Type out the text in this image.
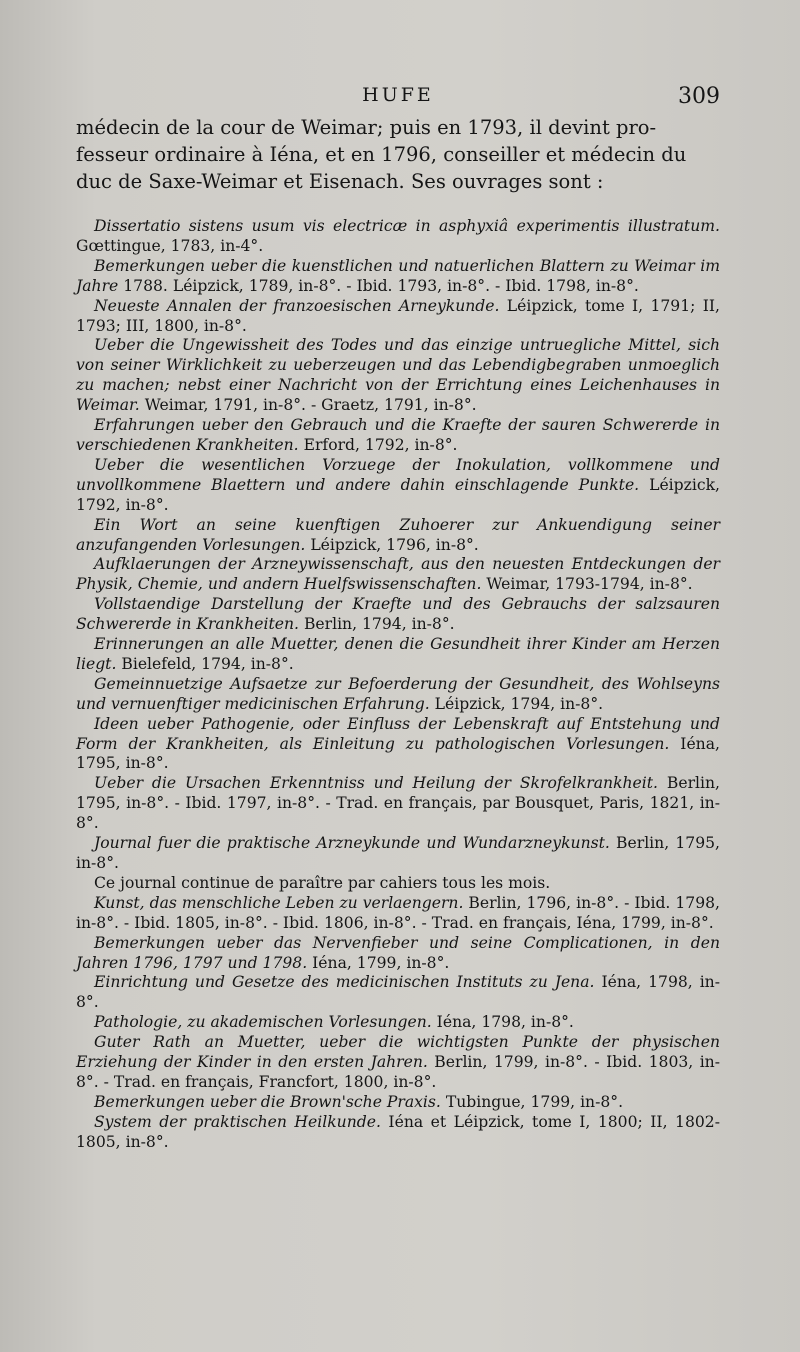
HUFE	309

médecin de la cour de Weimar; puis en 1793, il devint pro-
fesseur ordinaire à Iéna, et en 1796, conseiller et médecin du
duc de Saxe-Weimar et Eisenach. Ses ouvrages sont :

Dissertatio sistens usum vis electricæ in asphyxiâ experimentis illustratum. Gœttingue, 1783, in-4°.
Bemerkungen ueber die kuenstlichen und natuerlichen Blattern zu Weimar im Jahre 1788. Léipzick, 1789, in-8°. - Ibid. 1793, in-8°. - Ibid. 1798, in-8°.
Neueste Annalen der franzoesischen Arneykunde. Léipzick, tome I, 1791; II, 1793; III, 1800, in-8°.
Ueber die Ungewissheit des Todes und das einzige untruegliche Mittel, sich von seiner Wirklichkeit zu ueberzeugen und das Lebendigbegraben unmoeglich zu machen; nebst einer Nachricht von der Errichtung eines Leichenhauses in Weimar. Weimar, 1791, in-8°. - Graetz, 1791, in-8°.
Erfahrungen ueber den Gebrauch und die Kraefte der sauren Schwererde in verschiedenen Krankheiten. Erford, 1792, in-8°.
Ueber die wesentlichen Vorzuege der Inokulation, vollkommene und unvollkommene Blaettern und andere dahin einschlagende Punkte. Léipzick, 1792, in-8°.
Ein Wort an seine kuenftigen Zuhoerer zur Ankuendigung seiner anzufangenden Vorlesungen. Léipzick, 1796, in-8°.
Aufklaerungen der Arzneywissenschaft, aus den neuesten Entdeckungen der Physik, Chemie, und andern Huelfswissenschaften. Weimar, 1793-1794, in-8°.
Vollstaendige Darstellung der Kraefte und des Gebrauchs der salzsauren Schwererde in Krankheiten. Berlin, 1794, in-8°.
Erinnerungen an alle Muetter, denen die Gesundheit ihrer Kinder am Herzen liegt. Bielefeld, 1794, in-8°.
Gemeinnuetzige Aufsaetze zur Befoerderung der Gesundheit, des Wohlseyns und vernuenftiger medicinischen Erfahrung. Léipzick, 1794, in-8°.
Ideen ueber Pathogenie, oder Einfluss der Lebenskraft auf Entstehung und Form der Krankheiten, als Einleitung zu pathologischen Vorlesungen. Iéna, 1795, in-8°.
Ueber die Ursachen Erkenntniss und Heilung der Skrofelkrankheit. Berlin, 1795, in-8°. - Ibid. 1797, in-8°. - Trad. en français, par Bousquet, Paris, 1821, in-8°.
Journal fuer die praktische Arzneykunde und Wundarzneykunst. Berlin, 1795, in-8°.
Ce journal continue de paraître par cahiers tous les mois.
Kunst, das menschliche Leben zu verlaengern. Berlin, 1796, in-8°. - Ibid. 1798, in-8°. - Ibid. 1805, in-8°. - Ibid. 1806, in-8°. - Trad. en français, Iéna, 1799, in-8°.
Bemerkungen ueber das Nervenfieber und seine Complicationen, in den Jahren 1796, 1797 und 1798. Iéna, 1799, in-8°.
Einrichtung und Gesetze des medicinischen Instituts zu Jena. Iéna, 1798, in-8°.
Pathologie, zu akademischen Vorlesungen. Iéna, 1798, in-8°.
Guter Rath an Muetter, ueber die wichtigsten Punkte der physischen Erziehung der Kinder in den ersten Jahren. Berlin, 1799, in-8°. - Ibid. 1803, in-8°. - Trad. en français, Francfort, 1800, in-8°.
Bemerkungen ueber die Brown'sche Praxis. Tubingue, 1799, in-8°.
System der praktischen Heilkunde. Iéna et Léipzick, tome I, 1800; II, 1802-1805, in-8°.
